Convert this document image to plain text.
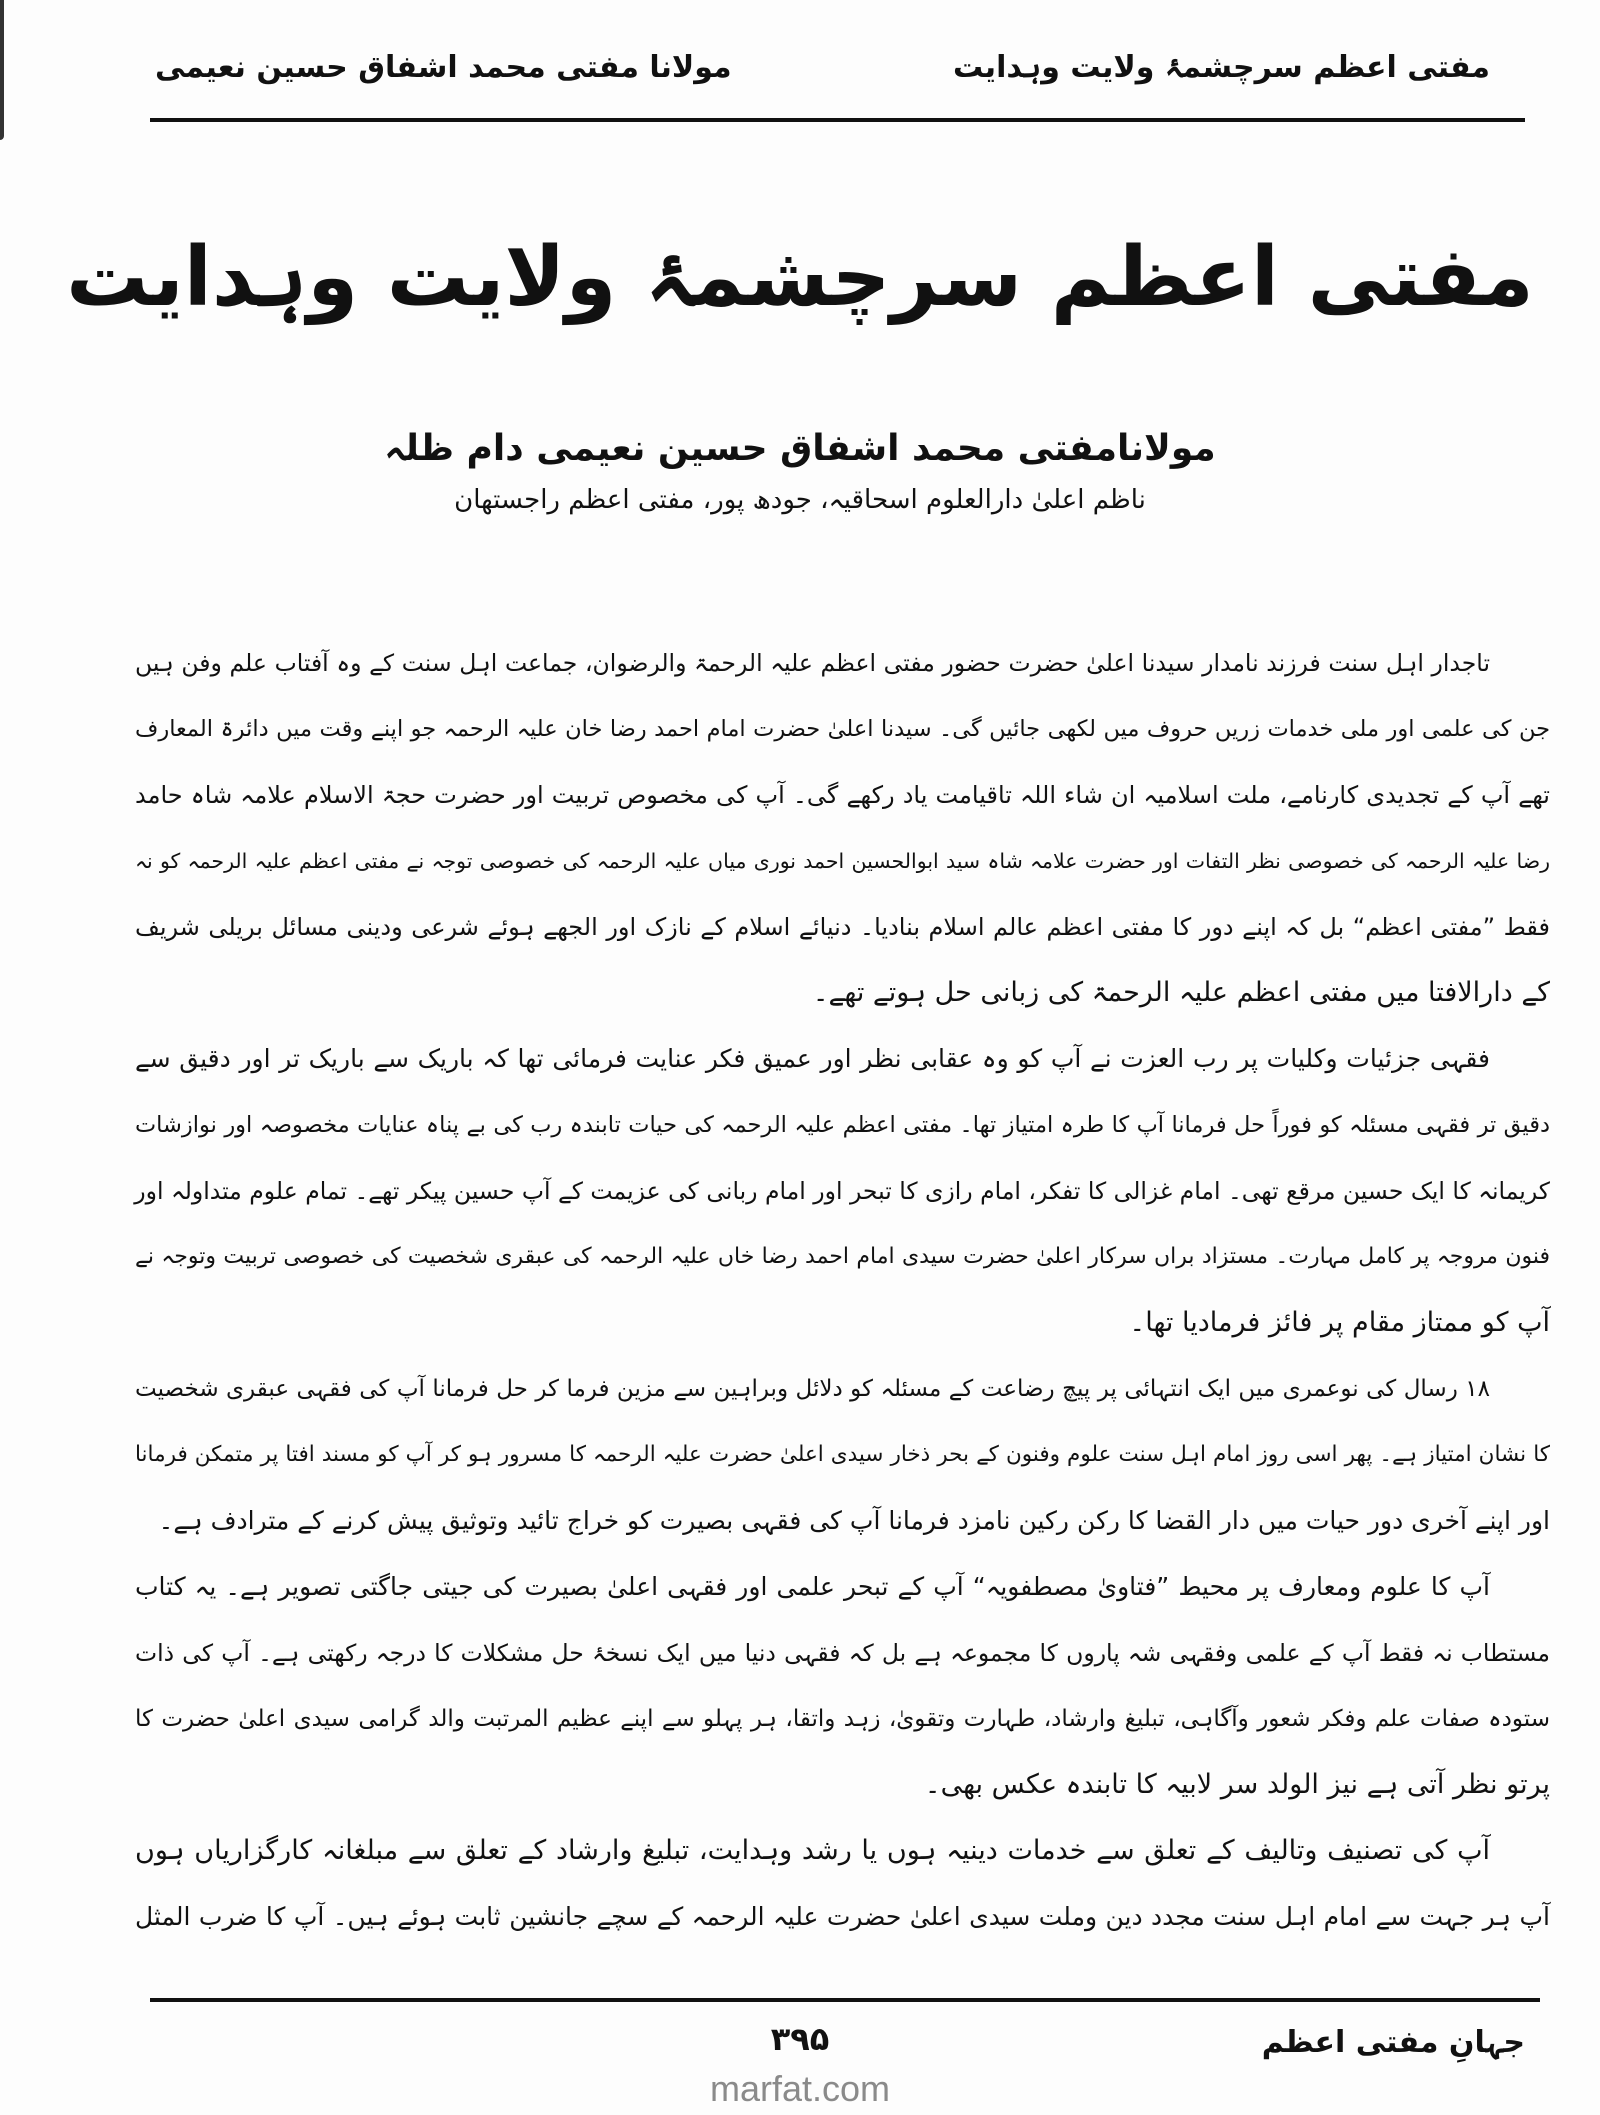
مفتی اعظم سرچشمۂ ولایت وہدایت
مولانا مفتی محمد اشفاق حسین نعیمی
مفتی اعظم سرچشمۂ ولایت وہدایت
مولانامفتی محمد اشفاق حسین نعیمی دام ظلہ
ناظم اعلیٰ دارالعلوم اسحاقیہ، جودھ پور، مفتی اعظم راجستھان
تاجدار اہل سنت فرزند نامدار سیدنا اعلیٰ حضرت حضور مفتی اعظم علیہ الرحمۃ والرضوان، جماعت اہل سنت کے وہ آفتاب علم وفن ہیں
جن کی علمی اور ملی خدمات زریں حروف میں لکھی جائیں گی۔ سیدنا اعلیٰ حضرت امام احمد رضا خان علیہ الرحمہ جو اپنے وقت میں دائرۃ المعارف
تھے آپ کے تجدیدی کارنامے، ملت اسلامیہ ان شاء اللہ تاقیامت یاد رکھے گی۔ آپ کی مخصوص تربیت اور حضرت حجۃ الاسلام علامہ شاہ حامد
رضا علیہ الرحمہ کی خصوصی نظر التفات اور حضرت علامہ شاہ سید ابوالحسین احمد نوری میاں علیہ الرحمہ کی خصوصی توجہ نے مفتی اعظم علیہ الرحمہ کو نہ
فقط ”مفتی اعظم“ بل کہ اپنے دور کا مفتی اعظم عالم اسلام بنادیا۔ دنیائے اسلام کے نازک اور الجھے ہوئے شرعی ودینی مسائل بریلی شریف
کے دارالافتا میں مفتی اعظم علیہ الرحمۃ کی زبانی حل ہوتے تھے۔
فقہی جزئیات وکلیات پر رب العزت نے آپ کو وہ عقابی نظر اور عمیق فکر عنایت فرمائی تھا کہ باریک سے باریک تر اور دقیق سے
دقیق تر فقہی مسئلہ کو فوراً حل فرمانا آپ کا طرہ امتیاز تھا۔ مفتی اعظم علیہ الرحمہ کی حیات تابندہ رب کی بے پناہ عنایات مخصوصہ اور نوازشات
کریمانہ کا ایک حسین مرقع تھی۔ امام غزالی کا تفکر، امام رازی کا تبحر اور امام ربانی کی عزیمت کے آپ حسین پیکر تھے۔ تمام علوم متداولہ اور
فنون مروجہ پر کامل مہارت۔ مستزاد براں سرکار اعلیٰ حضرت سیدی امام احمد رضا خاں علیہ الرحمہ کی عبقری شخصیت کی خصوصی تربیت وتوجہ نے
آپ کو ممتاز مقام پر فائز فرمادیا تھا۔
۱۸ رسال کی نوعمری میں ایک انتہائی پر پیچ رضاعت کے مسئلہ کو دلائل وبراہین سے مزین فرما کر حل فرمانا آپ کی فقہی عبقری شخصیت
کا نشان امتیاز ہے۔ پھر اسی روز امام اہل سنت علوم وفنون کے بحر ذخار سیدی اعلیٰ حضرت علیہ الرحمہ کا مسرور ہو کر آپ کو مسند افتا پر متمکن فرمانا
اور اپنے آخری دور حیات میں دار القضا کا رکن رکین نامزد فرمانا آپ کی فقہی بصیرت کو خراج تائید وتوثیق پیش کرنے کے مترادف ہے۔
آپ کا علوم ومعارف پر محیط ”فتاویٰ مصطفویہ“ آپ کے تبحر علمی اور فقہی اعلیٰ بصیرت کی جیتی جاگتی تصویر ہے۔ یہ کتاب
مستطاب نہ فقط آپ کے علمی وفقہی شہ پاروں کا مجموعہ ہے بل کہ فقہی دنیا میں ایک نسخۂ حل مشکلات کا درجہ رکھتی ہے۔ آپ کی ذات
ستودہ صفات علم وفکر شعور وآگاہی، تبلیغ وارشاد، طہارت وتقویٰ، زہد واتقا، ہر پہلو سے اپنے عظیم المرتبت والد گرامی سیدی اعلیٰ حضرت کا
پرتو نظر آتی ہے نیز الولد سر لابیہ کا تابندہ عکس بھی۔
آپ کی تصنیف وتالیف کے تعلق سے خدمات دینیہ ہوں یا رشد وہدایت، تبلیغ وارشاد کے تعلق سے مبلغانہ کارگزاریاں ہوں
آپ ہر جہت سے امام اہل سنت مجدد دین وملت سیدی اعلیٰ حضرت علیہ الرحمہ کے سچے جانشین ثابت ہوئے ہیں۔ آپ کا ضرب المثل
جہانِ مفتی اعظم
۳۹۵
marfat.com
